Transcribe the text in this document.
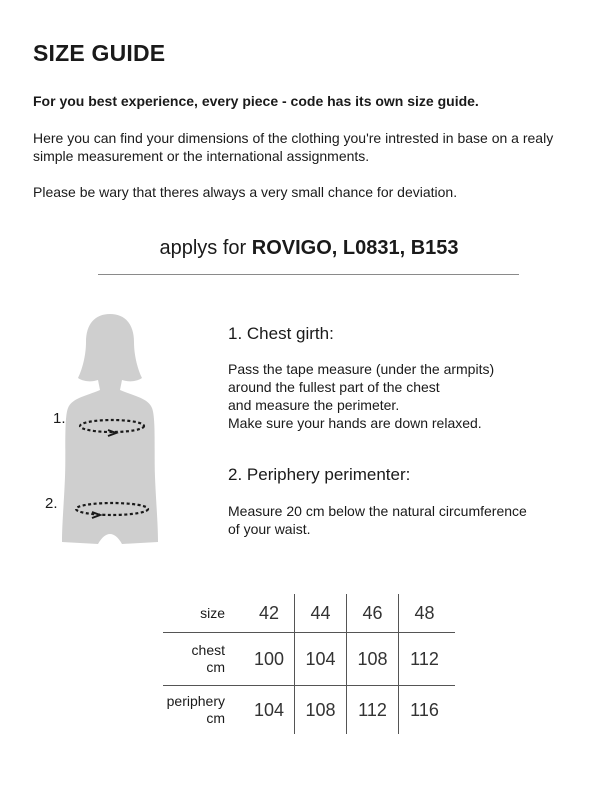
SIZE GUIDE

For you best experience, every piece - code has its own size guide.

Here you can find your dimensions of the clothing you're intrested in base on a realy simple measurement or the international assignments.

Please be wary that theres always a very small chance for deviation.

applys for ROVIGO, L0831, B153

1.
2.
1. Chest girth:
Pass the tape measure (under the armpits)
around the fullest part of the chest
and measure the perimeter.
Make sure your hands are down relaxed.
2. Periphery perimenter:
Measure 20 cm below the natural circumference
of your waist.
size	42	44	46	48
chest
cm	100	104	108	112
periphery
cm	104	108	112	116
